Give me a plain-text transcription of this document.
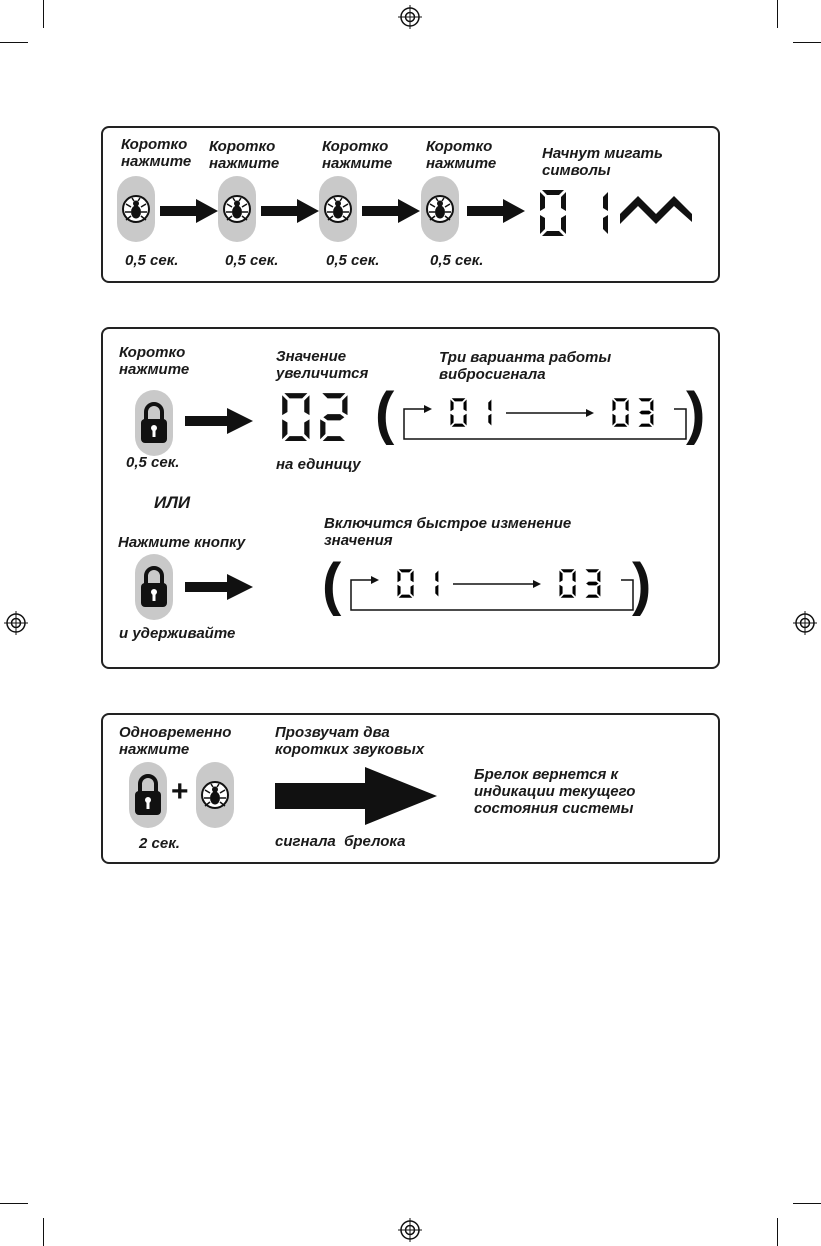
Коротко нажмите
Коротко нажмите
Коротко нажмите
Коротко нажмите
Начнут мигать символы
0,5 сек.	0,5 сек.	0,5 сек.	0,5 сек.
Коротко нажмите
Значение увеличится
Три варианта работы вибросигнала
(	)
0,5 сек.	на единицу
ИЛИ
Нажмите кнопку
Включится быстрое изменение значения
(	)
и удерживайте
Одновременно нажмите
Прозвучат два коротких звуковых
+
Брелок вернется к индикации текущего состояния системы
2 сек.	сигнала  брелока
